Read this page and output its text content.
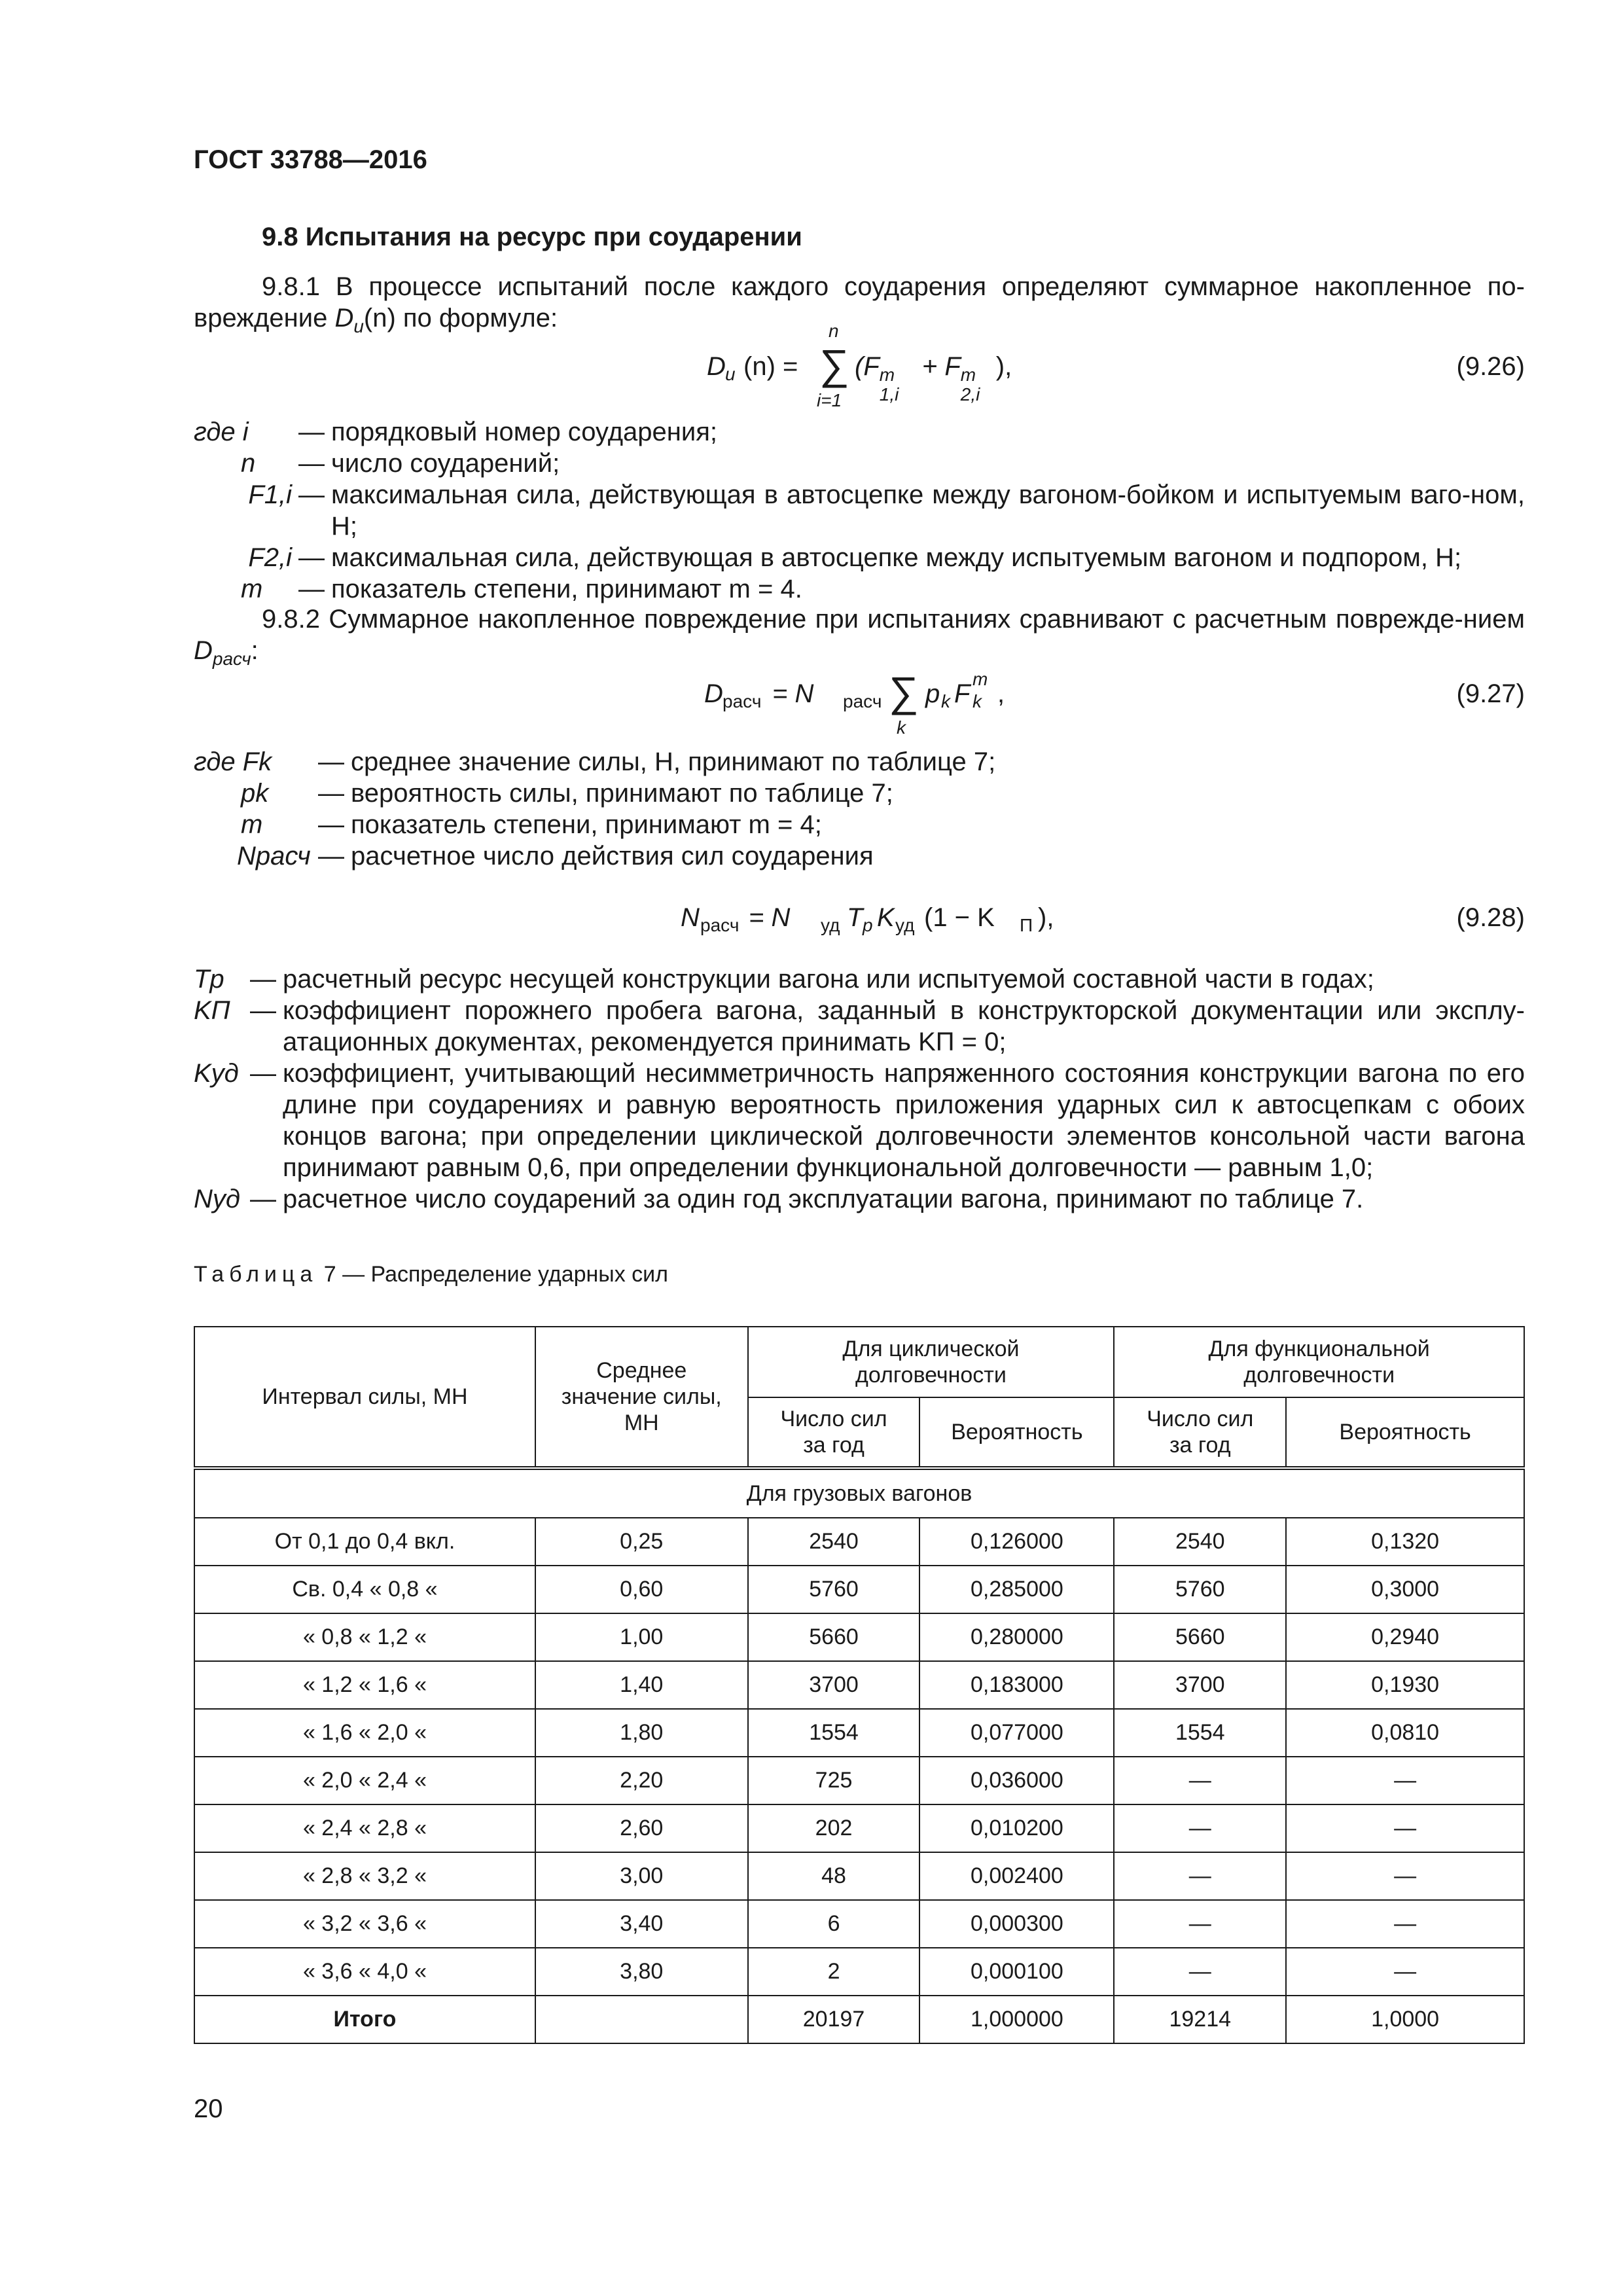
ГОСТ 33788—2016
9.8 Испытания на ресурс при соударении
9.8.1 В процессе испытаний после каждого соударения определяют суммарное накопленное по-вреждение $D_u(n)$ по формуле:
D u (n) =
n
∑
i=1
(F m
1,i
+ F m
2,i
),	(9.26)
где i	— порядковый номер соударения;
n	— число соударений;
F1,i — максимальная сила, действующая в автосцепке между вагоном-бойком и испытуемым ваго-ном, Н;
F2,i — максимальная сила, действующая в автосцепке между испытуемым вагоном и подпором, Н;
m	— показатель степени, принимают m = 4.
9.8.2 Суммарное накопленное повреждение при испытаниях сравнивают с расчетным поврежде-нием $D_{расч}$:
D расч = N расч ∑
k
p k F
m
k ,	(9.27)
где Fk	— среднее значение силы, Н, принимают по таблице 7;
pk	— вероятность силы, принимают по таблице 7;
m	— показатель степени, принимают m = 4;
Nрасч — расчетное число действия сил соударения
N расч = N уд T p K уд (1 − K П ),	(9.28)
Tp — расчетный ресурс несущей конструкции вагона или испытуемой составной части в годах;
KП — коэффициент порожнего пробега вагона, заданный в конструкторской документации или эксплу-атационных документах, рекомендуется принимать KП = 0;
Kуд — коэффициент, учитывающий несимметричность напряженного состояния конструкции вагона по его длине при соударениях и равную вероятность приложения ударных сил к автосцепкам с обоих концов вагона; при определении циклической долговечности элементов консольной части вагона принимают равным 0,6, при определении функциональной долговечности — равным 1,0;
Nуд — расчетное число соударений за один год эксплуатации вагона, принимают по таблице 7.
Таблица 7 — Распределение ударных сил
Интервал силы, МН	Среднее значение силы, МН	Для циклической долговечности		Для функциональной долговечности	
		Число сил за год	Вероятность	Число сил за год	Вероятность
Для грузовых вагонов					
От 0,1 до 0,4 вкл.	0,25	2540	0,126000	2540	0,1320
Св. 0,4 « 0,8 «	0,60	5760	0,285000	5760	0,3000
« 0,8 « 1,2 «	1,00	5660	0,280000	5660	0,2940
« 1,2 « 1,6 «	1,40	3700	0,183000	3700	0,1930
« 1,6 « 2,0 «	1,80	1554	0,077000	1554	0,0810
« 2,0 « 2,4 «	2,20	725	0,036000	—	—
« 2,4 « 2,8 «	2,60	202	0,010200	—	—
« 2,8 « 3,2 «	3,00	48	0,002400	—	—
« 3,2 « 3,6 «	3,40	6	0,000300	—	—
« 3,6 « 4,0 «	3,80	2	0,000100	—	—
Итого		20197	1,000000	19214	1,0000
20
